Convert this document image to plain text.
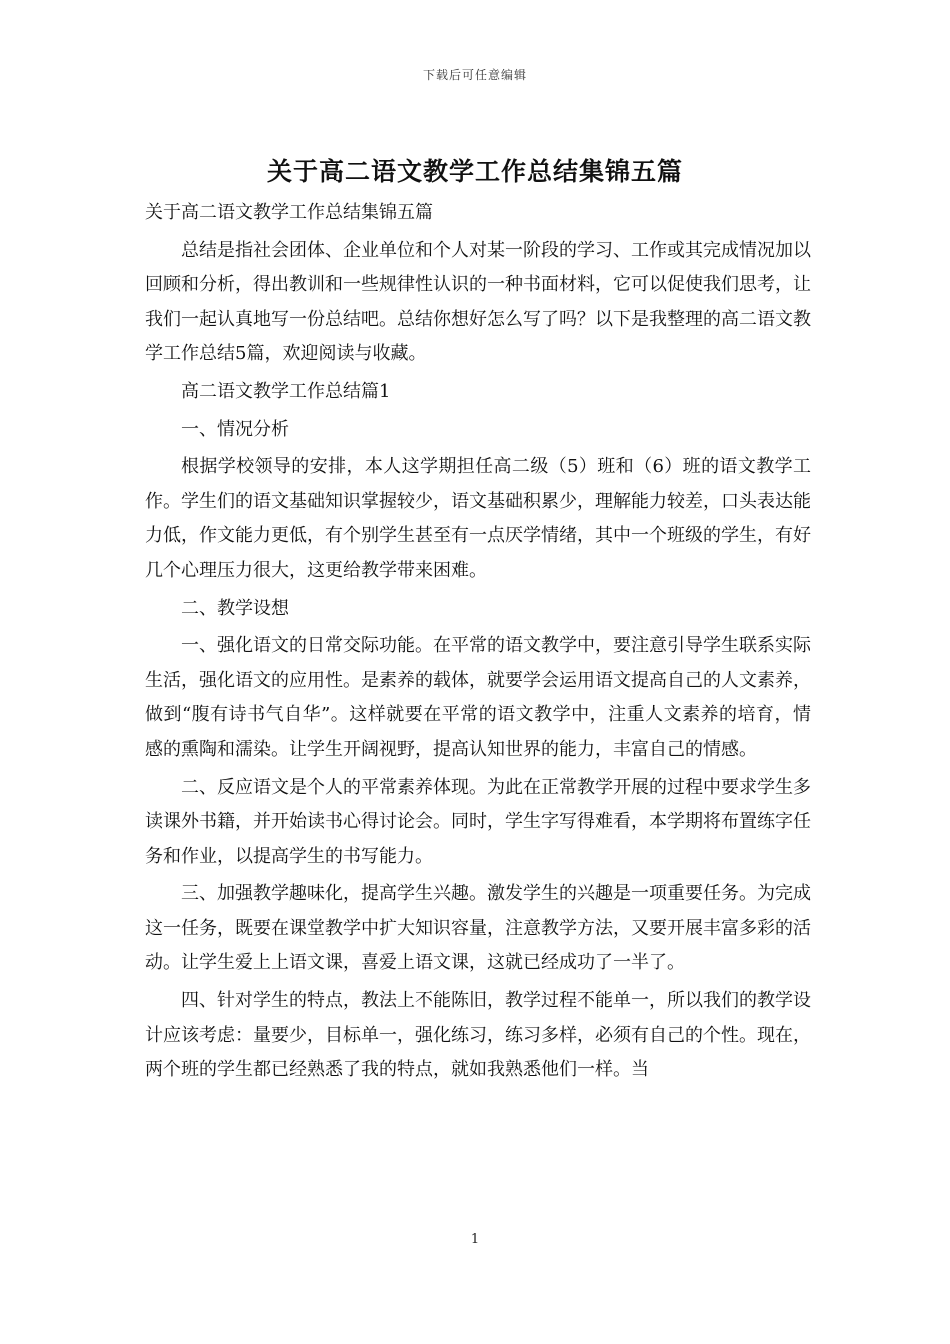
下载后可任意编辑
关于高二语文教学工作总结集锦五篇

关于高二语文教学工作总结集锦五篇

总结是指社会团体、企业单位和个人对某一阶段的学习、工作或其完成情况加以回顾和分析，得出教训和一些规律性认识的一种书面材料，它可以促使我们思考，让我们一起认真地写一份总结吧。总结你想好怎么写了吗？以下是我整理的高二语文教学工作总结5篇，欢迎阅读与收藏。

高二语文教学工作总结篇1

一、情况分析

根据学校领导的安排，本人这学期担任高二级（5）班和（6）班的语文教学工作。学生们的语文基础知识掌握较少，语文基础积累少，理解能力较差，口头表达能力低，作文能力更低，有个别学生甚至有一点厌学情绪，其中一个班级的学生，有好几个心理压力很大，这更给教学带来困难。

二、教学设想

一、强化语文的日常交际功能。在平常的语文教学中，要注意引导学生联系实际生活，强化语文的应用性。是素养的载体，就要学会运用语文提高自己的人文素养，做到“腹有诗书气自华”。这样就要在平常的语文教学中，注重人文素养的培育，情感的熏陶和濡染。让学生开阔视野，提高认知世界的能力，丰富自己的情感。

二、反应语文是个人的平常素养体现。为此在正常教学开展的过程中要求学生多读课外书籍，并开始读书心得讨论会。同时，学生字写得难看，本学期将布置练字任务和作业，以提高学生的书写能力。

三、加强教学趣味化，提高学生兴趣。激发学生的兴趣是一项重要任务。为完成这一任务，既要在课堂教学中扩大知识容量，注意教学方法，又要开展丰富多彩的活动。让学生爱上上语文课，喜爱上语文课，这就已经成功了一半了。

四、针对学生的特点，教法上不能陈旧，教学过程不能单一，所以我们的教学设计应该考虑：量要少，目标单一，强化练习，练习多样，必须有自己的个性。现在，两个班的学生都已经熟悉了我的特点，就如我熟悉他们一样。当

1
